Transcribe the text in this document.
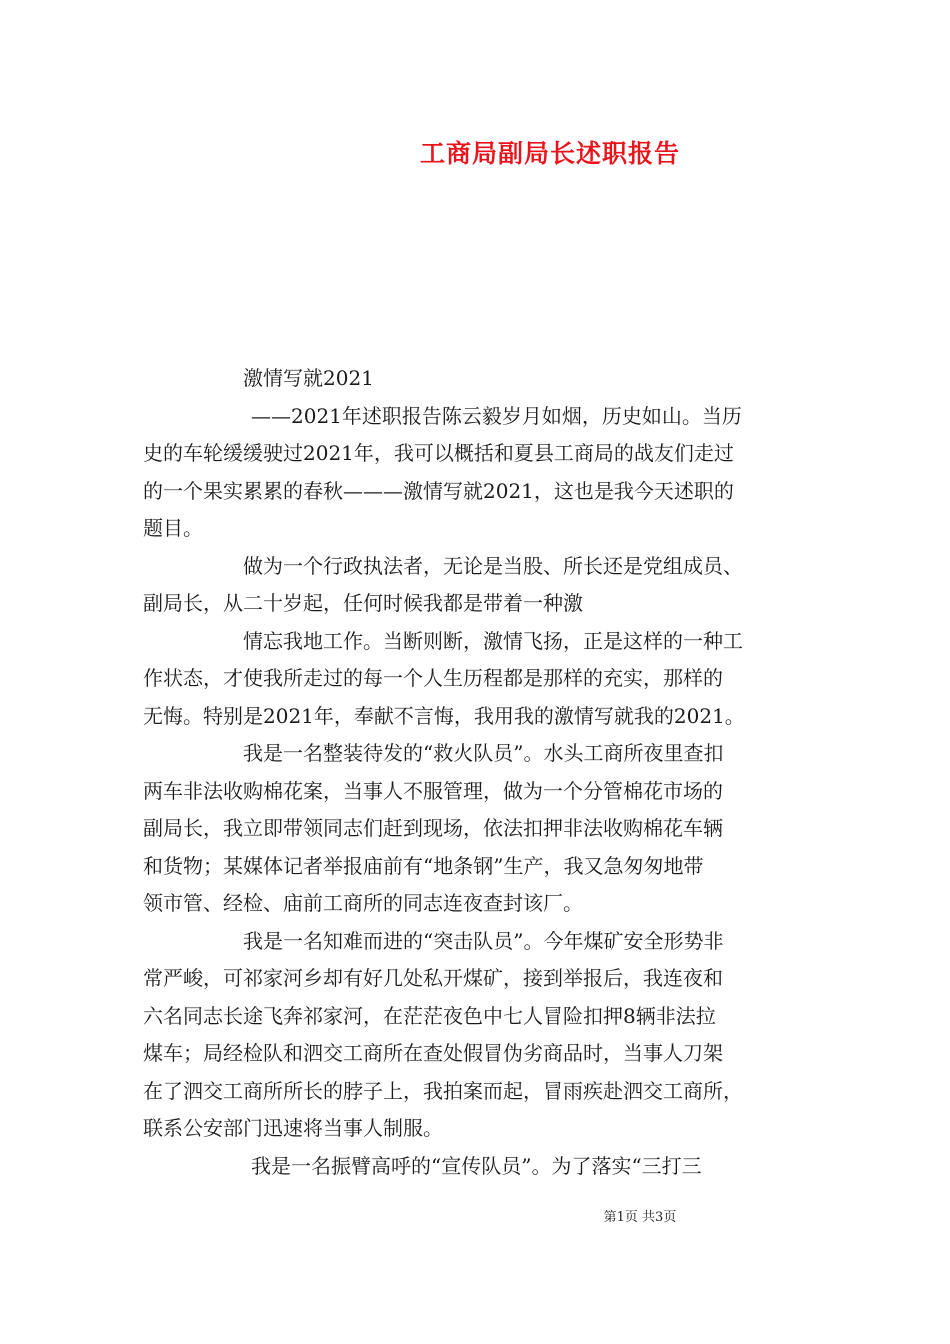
工商局副局长述职报告
激情写就2021
——2021年述职报告陈云毅岁月如烟，历史如山。当历
史的车轮缓缓驶过2021年，我可以概括和夏县工商局的战友们走过
的一个果实累累的春秋———激情写就2021，这也是我今天述职的
题目。
做为一个行政执法者，无论是当股、所长还是党组成员、
副局长，从二十岁起，任何时候我都是带着一种激
情忘我地工作。当断则断，激情飞扬，正是这样的一种工
作状态，才使我所走过的每一个人生历程都是那样的充实，那样的
无悔。特别是2021年，奉献不言悔，我用我的激情写就我的2021。
我是一名整装待发的“救火队员”。水头工商所夜里查扣
两车非法收购棉花案，当事人不服管理，做为一个分管棉花市场的
副局长，我立即带领同志们赶到现场，依法扣押非法收购棉花车辆
和货物；某媒体记者举报庙前有“地条钢”生产，我又急匆匆地带
领市管、经检、庙前工商所的同志连夜查封该厂。
我是一名知难而进的“突击队员”。今年煤矿安全形势非
常严峻，可祁家河乡却有好几处私开煤矿，接到举报后，我连夜和
六名同志长途飞奔祁家河，在茫茫夜色中七人冒险扣押8辆非法拉
煤车；局经检队和泗交工商所在查处假冒伪劣商品时，当事人刀架
在了泗交工商所所长的脖子上，我拍案而起，冒雨疾赴泗交工商所，
联系公安部门迅速将当事人制服。
我是一名振臂高呼的“宣传队员”。为了落实“三打三
第1页 共3页
